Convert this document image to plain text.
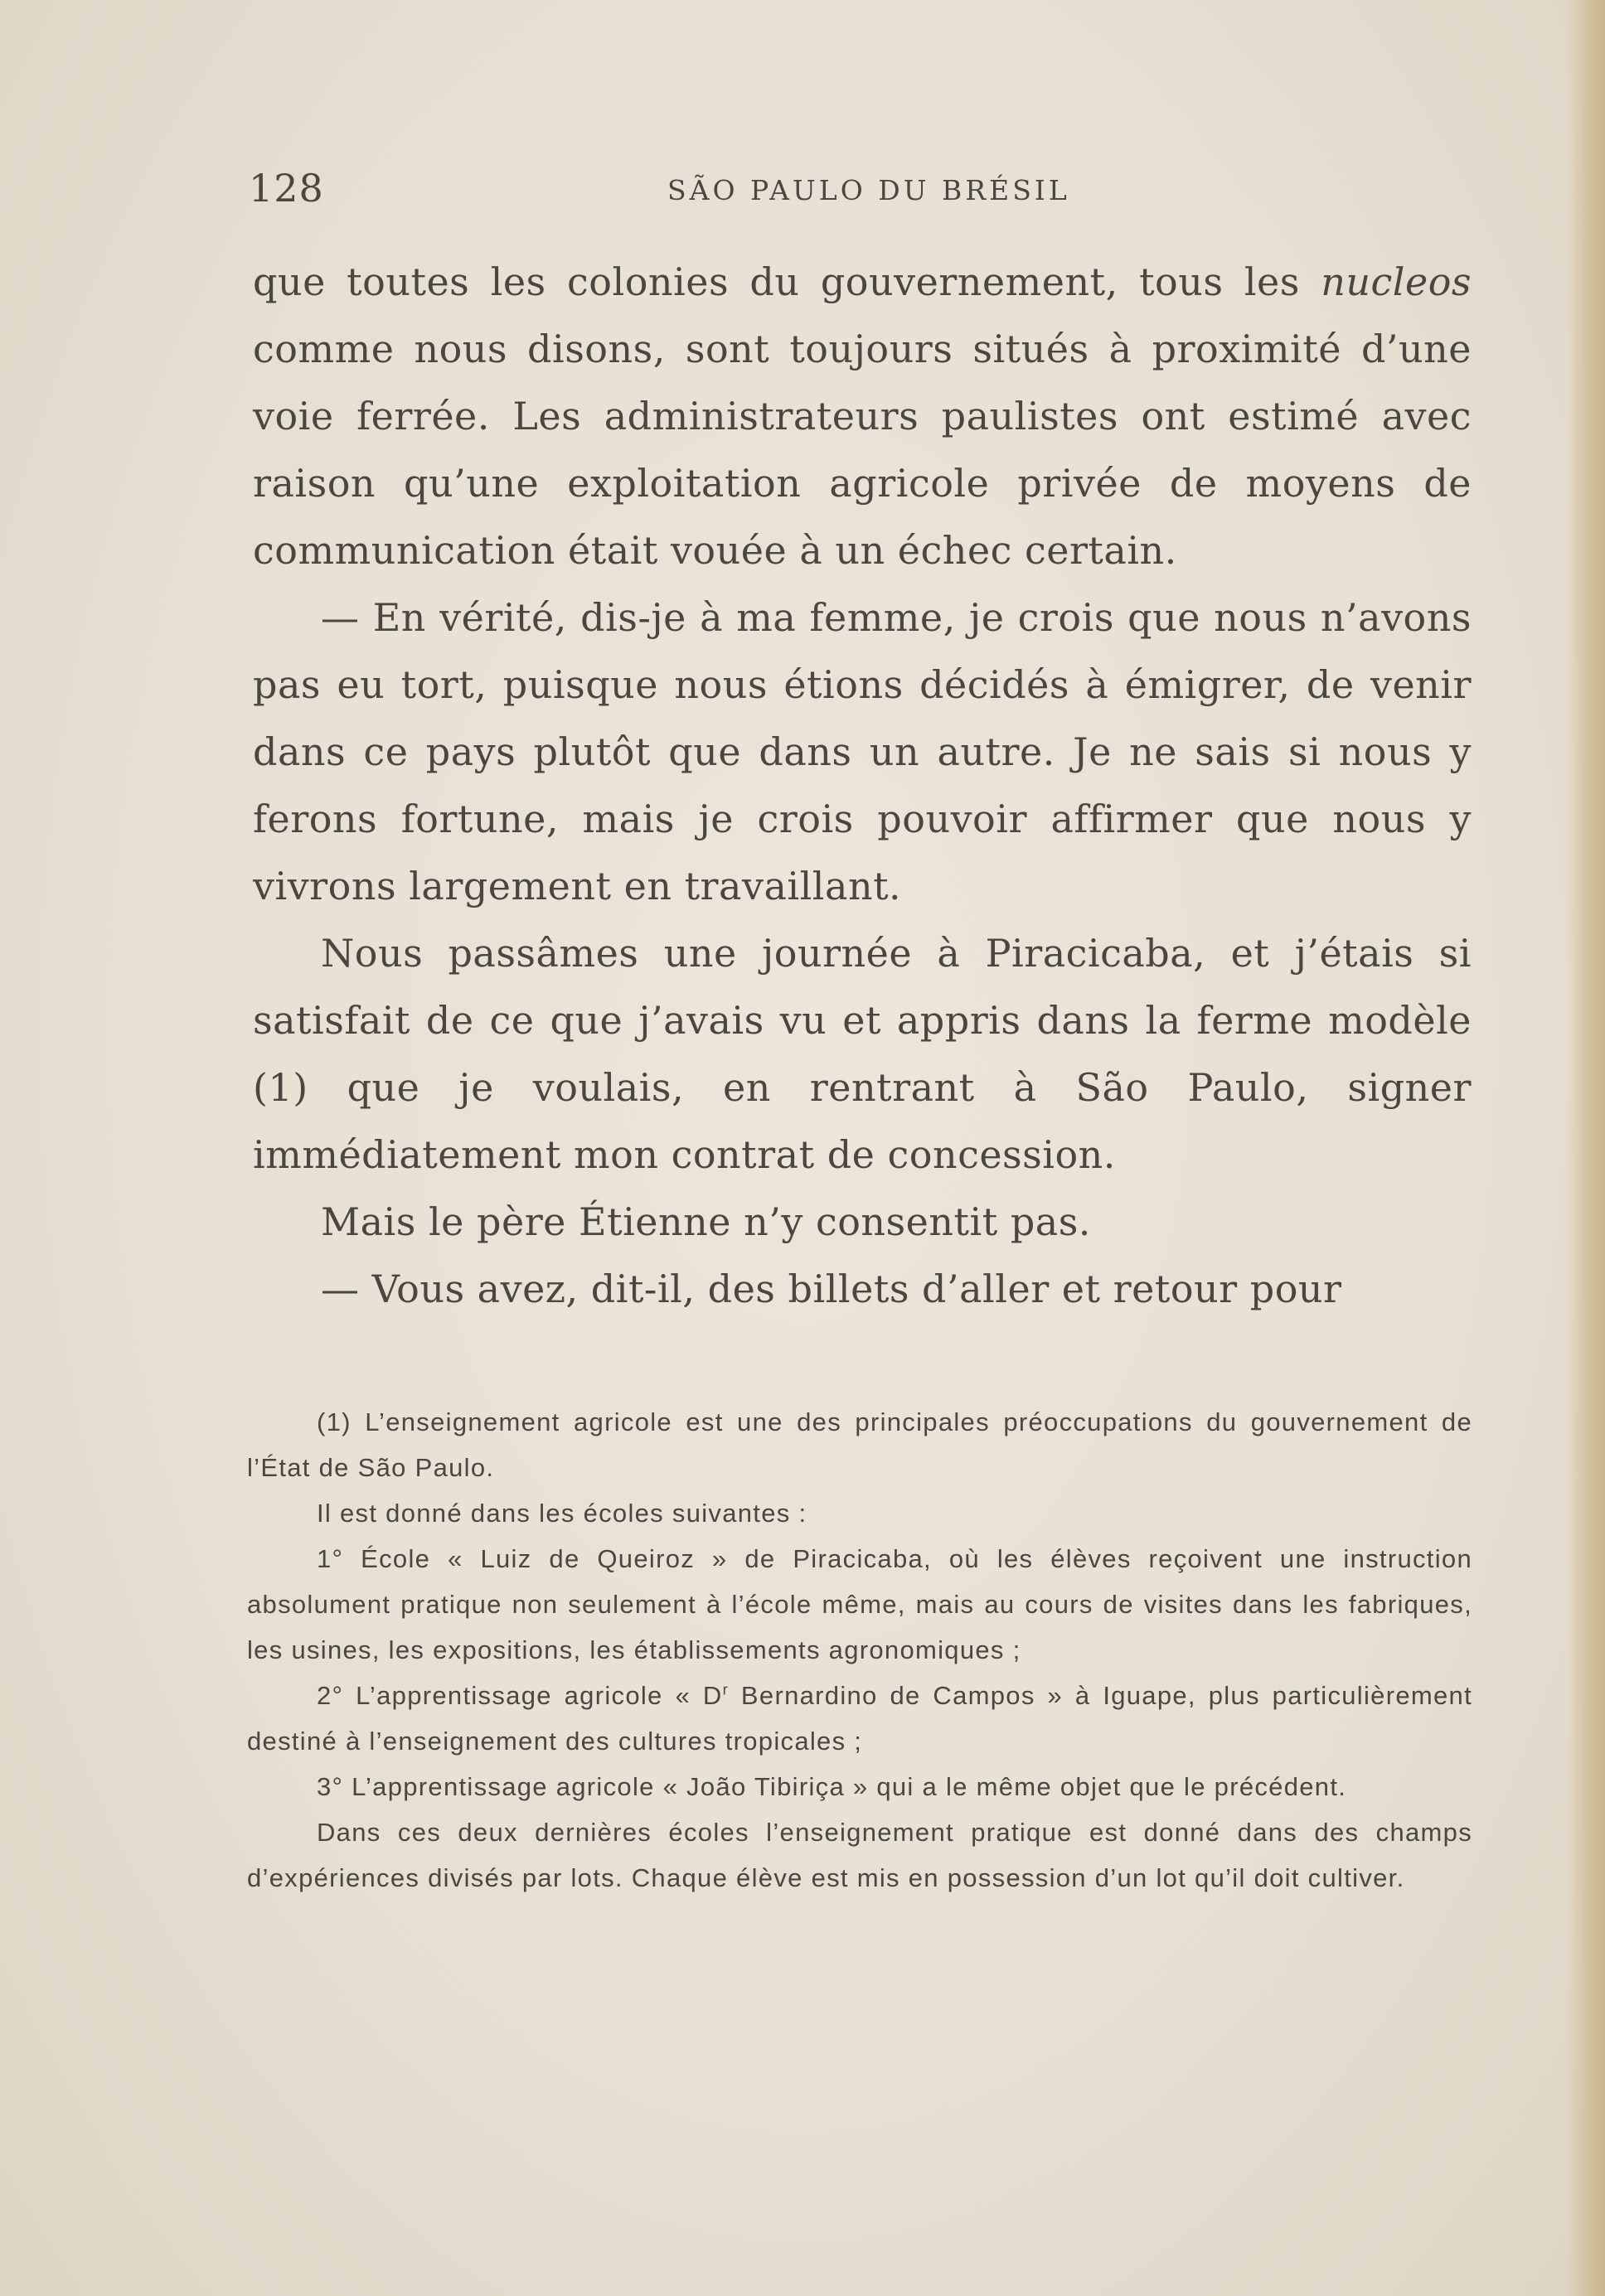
128	SÃO PAULO DU BRÉSIL

que toutes les colonies du gouvernement, tous les nucleos comme nous disons, sont toujours situés à proximité d’une voie ferrée. Les administrateurs paulistes ont estimé avec raison qu’une exploitation agricole privée de moyens de communication était vouée à un échec certain.

— En vérité, dis-je à ma femme, je crois que nous n’avons pas eu tort, puisque nous étions décidés à émigrer, de venir dans ce pays plutôt que dans un autre. Je ne sais si nous y ferons fortune, mais je crois pouvoir affirmer que nous y vivrons largement en travaillant.

Nous passâmes une journée à Piracicaba, et j’étais si satisfait de ce que j’avais vu et appris dans la ferme modèle (1) que je voulais, en rentrant à São Paulo, signer immédiatement mon contrat de concession.

Mais le père Étienne n’y consentit pas.

— Vous avez, dit-il, des billets d’aller et retour pour

(1) L’enseignement agricole est une des principales préoccupations du gouvernement de l’État de São Paulo.

Il est donné dans les écoles suivantes :

1° École « Luiz de Queiroz » de Piracicaba, où les élèves reçoivent une instruction absolument pratique non seulement à l’école même, mais au cours de visites dans les fabriques, les usines, les expositions, les établissements agronomiques ;

2° L’apprentissage agricole « $D^r$ Bernardino de Campos » à Iguape, plus particulièrement destiné à l’enseignement des cultures tropicales ;

3° L’apprentissage agricole « João Tibiriça » qui a le même objet que le précédent.

Dans ces deux dernières écoles l’enseignement pratique est donné dans des champs d’expériences divisés par lots. Chaque élève est mis en possession d’un lot qu’il doit cultiver.
